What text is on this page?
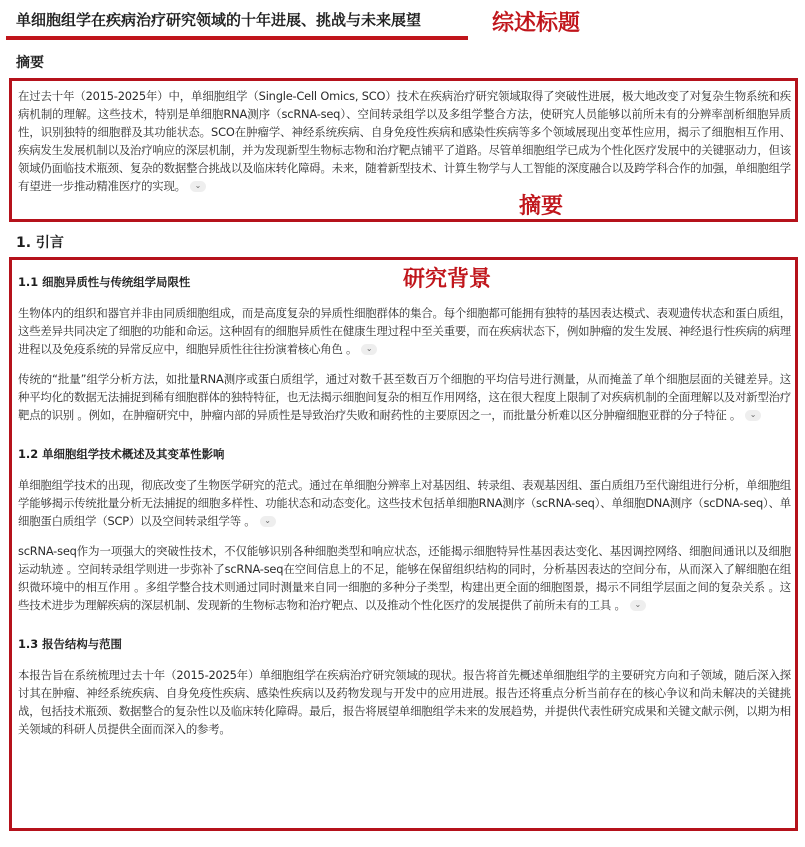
单细胞组学在疾病治疗研究领域的十年进展、挑战与未来展望	综述标题
摘要

在过去十年（2015-2025年）中，单细胞组学（Single-Cell Omics, SCO）技术在疾病治疗研究领域取得了突破性进展，极大地改变了对复杂生物系统和疾病机制的理解。这些技术，特别是单细胞RNA测序（scRNA-seq）、空间转录组学以及多组学整合方法，使研究人员能够以前所未有的分辨率剖析细胞异质性，识别独特的细胞群及其功能状态。SCO在肿瘤学、神经系统疾病、自身免疫性疾病和感染性疾病等多个领域展现出变革性应用，揭示了细胞相互作用、疾病发生发展机制以及治疗响应的深层机制，并为发现新型生物标志物和治疗靶点铺平了道路。尽管单细胞组学已成为个性化医疗发展中的关键驱动力，但该领域仍面临技术瓶颈、复杂的数据整合挑战以及临床转化障碍。未来，随着新型技术、计算生物学与人工智能的深度融合以及跨学科合作的加强，单细胞组学有望进一步推动精准医疗的实现。 ⌄

摘要
1. 引言
1.1 细胞异质性与传统组学局限性

生物体内的组织和器官并非由同质细胞组成，而是高度复杂的异质性细胞群体的集合。每个细胞都可能拥有独特的基因表达模式、表观遗传状态和蛋白质组，这些差异共同决定了细胞的功能和命运。这种固有的细胞异质性在健康生理过程中至关重要，而在疾病状态下，例如肿瘤的发生发展、神经退行性疾病的病理进程以及免疫系统的异常反应中，细胞异质性往往扮演着核心角色 。 ⌄

传统的“批量”组学分析方法，如批量RNA测序或蛋白质组学，通过对数千甚至数百万个细胞的平均信号进行测量，从而掩盖了单个细胞层面的关键差异。这种平均化的数据无法捕捉到稀有细胞群体的独特特征，也无法揭示细胞间复杂的相互作用网络，这在很大程度上限制了对疾病机制的全面理解以及对新型治疗靶点的识别 。例如，在肿瘤研究中，肿瘤内部的异质性是导致治疗失败和耐药性的主要原因之一，而批量分析难以区分肿瘤细胞亚群的分子特征 。 ⌄

1.2 单细胞组学技术概述及其变革性影响

单细胞组学技术的出现，彻底改变了生物医学研究的范式。通过在单细胞分辨率上对基因组、转录组、表观基因组、蛋白质组乃至代谢组进行分析，单细胞组学能够揭示传统批量分析无法捕捉的细胞多样性、功能状态和动态变化。这些技术包括单细胞RNA测序（scRNA-seq）、单细胞DNA测序（scDNA-seq）、单细胞蛋白质组学（SCP）以及空间转录组学等 。 ⌄

scRNA-seq作为一项强大的突破性技术，不仅能够识别各种细胞类型和响应状态，还能揭示细胞特异性基因表达变化、基因调控网络、细胞间通讯以及细胞运动轨迹 。空间转录组学则进一步弥补了scRNA-seq在空间信息上的不足，能够在保留组织结构的同时，分析基因表达的空间分布，从而深入了解细胞在组织微环境中的相互作用 。多组学整合技术则通过同时测量来自同一细胞的多种分子类型，构建出更全面的细胞图景，揭示不同组学层面之间的复杂关系 。这些技术进步为理解疾病的深层机制、发现新的生物标志物和治疗靶点、以及推动个性化医疗的发展提供了前所未有的工具 。 ⌄

1.3 报告结构与范围

本报告旨在系统梳理过去十年（2015-2025年）单细胞组学在疾病治疗研究领域的现状。报告将首先概述单细胞组学的主要研究方向和子领域，随后深入探讨其在肿瘤、神经系统疾病、自身免疫性疾病、感染性疾病以及药物发现与开发中的应用进展。报告还将重点分析当前存在的核心争议和尚未解决的关键挑战，包括技术瓶颈、数据整合的复杂性以及临床转化障碍。最后，报告将展望单细胞组学未来的发展趋势，并提供代表性研究成果和关键文献示例，以期为相关领域的科研人员提供全面而深入的参考。

研究背景
